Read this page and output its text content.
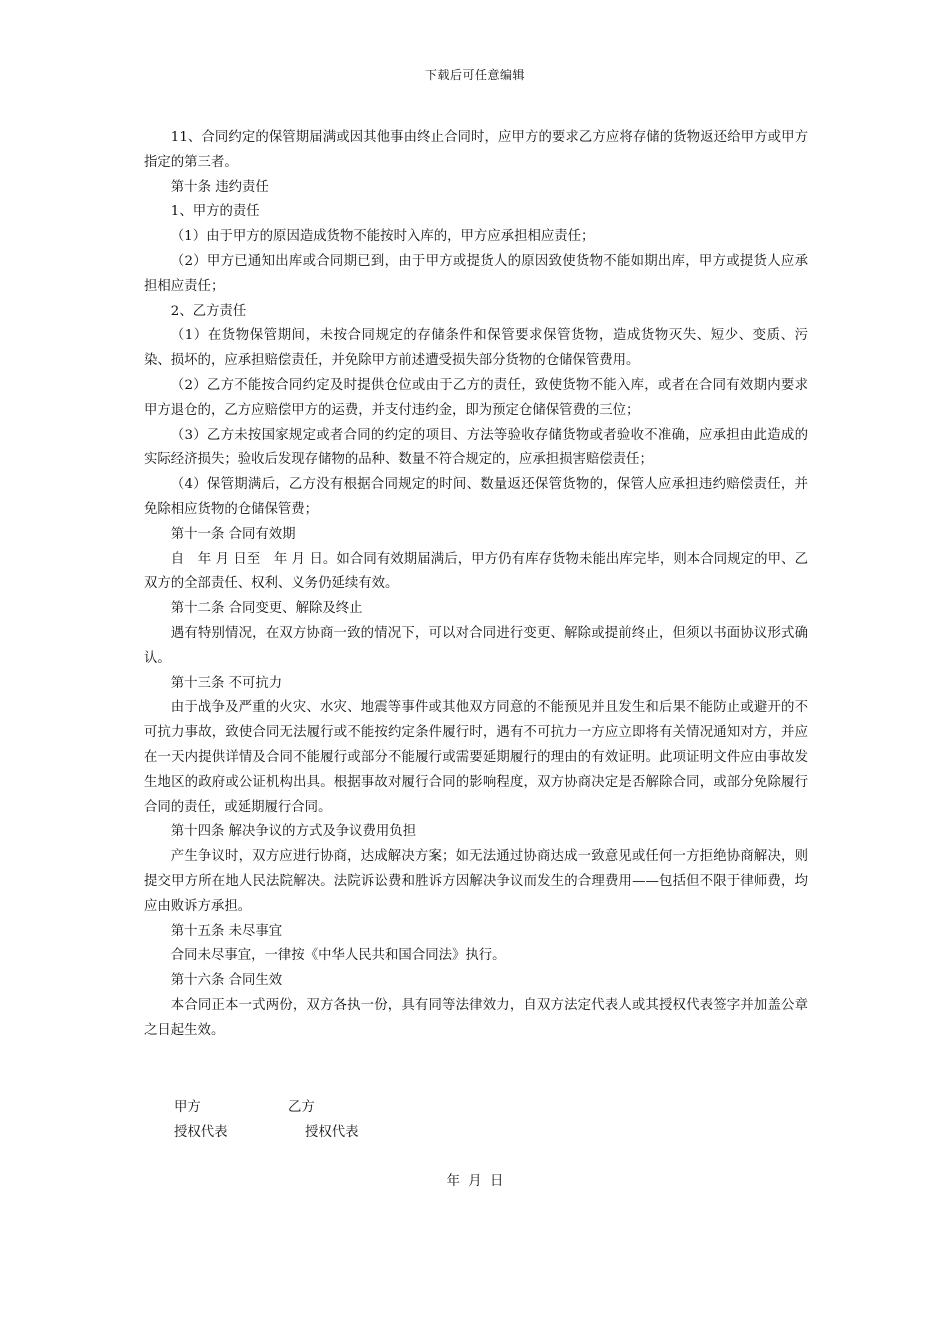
下载后可任意编辑

11、合同约定的保管期届满或因其他事由终止合同时，应甲方的要求乙方应将存储的货物返还给甲方或甲方指定的第三者。

第十条 违约责任

1、甲方的责任

（1）由于甲方的原因造成货物不能按时入库的，甲方应承担相应责任；

（2）甲方已通知出库或合同期已到，由于甲方或提货人的原因致使货物不能如期出库，甲方或提货人应承担相应责任；

2、乙方责任

（1）在货物保管期间，未按合同规定的存储条件和保管要求保管货物，造成货物灭失、短少、变质、污染、损坏的，应承担赔偿责任，并免除甲方前述遭受损失部分货物的仓储保管费用。

（2）乙方不能按合同约定及时提供仓位或由于乙方的责任，致使货物不能入库，或者在合同有效期内要求甲方退仓的，乙方应赔偿甲方的运费，并支付违约金，即为预定仓储保管费的三位；

（3）乙方未按国家规定或者合同的约定的项目、方法等验收存储货物或者验收不准确，应承担由此造成的实际经济损失；验收后发现存储物的品种、数量不符合规定的，应承担损害赔偿责任；

（4）保管期满后，乙方没有根据合同规定的时间、数量返还保管货物的，保管人应承担违约赔偿责任，并免除相应货物的仓储保管费；

第十一条 合同有效期

自　年 月 日至　年 月 日。如合同有效期届满后，甲方仍有库存货物未能出库完毕，则本合同规定的甲、乙双方的全部责任、权利、义务仍延续有效。

第十二条 合同变更、解除及终止

遇有特别情况，在双方协商一致的情况下，可以对合同进行变更、解除或提前终止，但须以书面协议形式确认。

第十三条 不可抗力

由于战争及严重的火灾、水灾、地震等事件或其他双方同意的不能预见并且发生和后果不能防止或避开的不可抗力事故，致使合同无法履行或不能按约定条件履行时，遇有不可抗力一方应立即将有关情况通知对方，并应在一天内提供详情及合同不能履行或部分不能履行或需要延期履行的理由的有效证明。此项证明文件应由事故发生地区的政府或公证机构出具。根据事故对履行合同的影响程度，双方协商决定是否解除合同，或部分免除履行合同的责任，或延期履行合同。

第十四条 解决争议的方式及争议费用负担

产生争议时，双方应进行协商，达成解决方案；如无法通过协商达成一致意见或任何一方拒绝协商解决，则提交甲方所在地人民法院解决。法院诉讼费和胜诉方因解决争议而发生的合理费用——包括但不限于律师费，均应由败诉方承担。

第十五条 未尽事宜

合同未尽事宜，一律按《中华人民共和国合同法》执行。

第十六条 合同生效

本合同正本一式两份，双方各执一份，具有同等法律效力，自双方法定代表人或其授权代表签字并加盖公章之日起生效。

甲方	乙方
授权代表	授权代表
年 月 日
